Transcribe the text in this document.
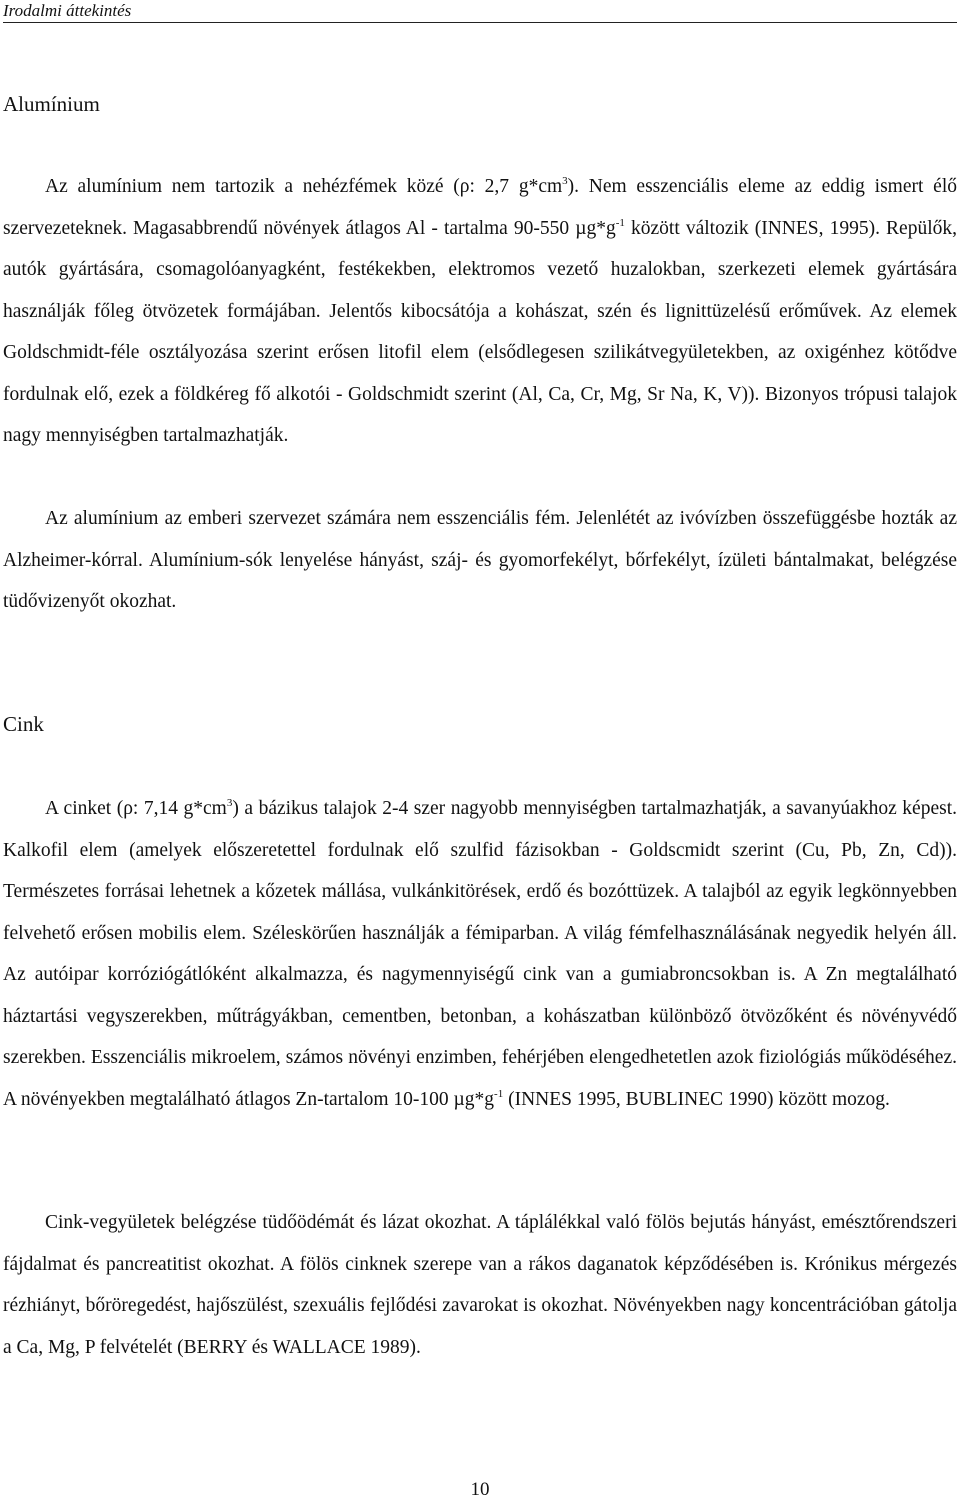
Irodalmi áttekintés
Alumínium

Az alumínium nem tartozik a nehézfémek közé (ρ: 2,7 $g*cm^3$). Nem esszenciális eleme az eddig ismert élő szervezeteknek. Magasabbrendű növények átlagos Al - tartalma 90-550 $\mu g*g^{-1}$ között változik (INNES, 1995). Repülők, autók gyártására, csomagolóanyagként, festékekben, elektromos vezető huzalokban, szerkezeti elemek gyártására használják főleg ötvözetek formájában. Jelentős kibocsátója a kohászat, szén és lignittüzelésű erőművek. Az elemek Goldschmidt-féle osztályozása szerint erősen litofil elem (elsődlegesen szilikátvegyületekben, az oxigénhez kötődve fordulnak elő, ezek a földkéreg fő alkotói - Goldschmidt szerint (Al, Ca, Cr, Mg, Sr Na, K, V)). Bizonyos trópusi talajok nagy mennyiségben tartalmazhatják.

Az alumínium az emberi szervezet számára nem esszenciális fém. Jelenlétét az ivóvízben összefüggésbe hozták az Alzheimer-kórral. Alumínium-sók lenyelése hányást, száj- és gyomorfekélyt, bőrfekélyt, ízületi bántalmakat, belégzése tüdővizenyőt okozhat.

Cink

A cinket (ρ: 7,14 $g*cm^3$) a bázikus talajok 2-4 szer nagyobb mennyiségben tartalmazhatják, a savanyúakhoz képest. Kalkofil elem (amelyek előszeretettel fordulnak elő szulfid fázisokban - Goldscmidt szerint (Cu, Pb, Zn, Cd)). Természetes forrásai lehetnek a kőzetek mállása, vulkánkitörések, erdő és bozóttüzek. A talajból az egyik legkönnyebben felvehető erősen mobilis elem. Széleskörűen használják a fémiparban. A világ fémfelhasználásának negyedik helyén áll. Az autóipar korróziógátlóként alkalmazza, és nagymennyiségű cink van a gumiabroncsokban is. A Zn megtalálható háztartási vegyszerekben, műtrágyákban, cementben, betonban, a kohászatban különböző ötvözőként és növényvédő szerekben. Esszenciális mikroelem, számos növényi enzimben, fehérjében elengedhetetlen azok fiziológiás működéséhez. A növényekben megtalálható átlagos Zn-tartalom 10-100 $\mu g*g^{-1}$ (INNES 1995, BUBLINEC 1990) között mozog.

Cink-vegyületek belégzése tüdőödémát és lázat okozhat. A táplálékkal való fölös bejutás hányást, emésztőrendszeri fájdalmat és pancreatitist okozhat. A fölös cinknek szerepe van a rákos daganatok képződésében is. Krónikus mérgezés rézhiányt, bőröregedést, hajőszülést, szexuális fejlődési zavarokat is okozhat. Növényekben nagy koncentrációban gátolja a Ca, Mg, P felvételét (BERRY és WALLACE 1989).

10
